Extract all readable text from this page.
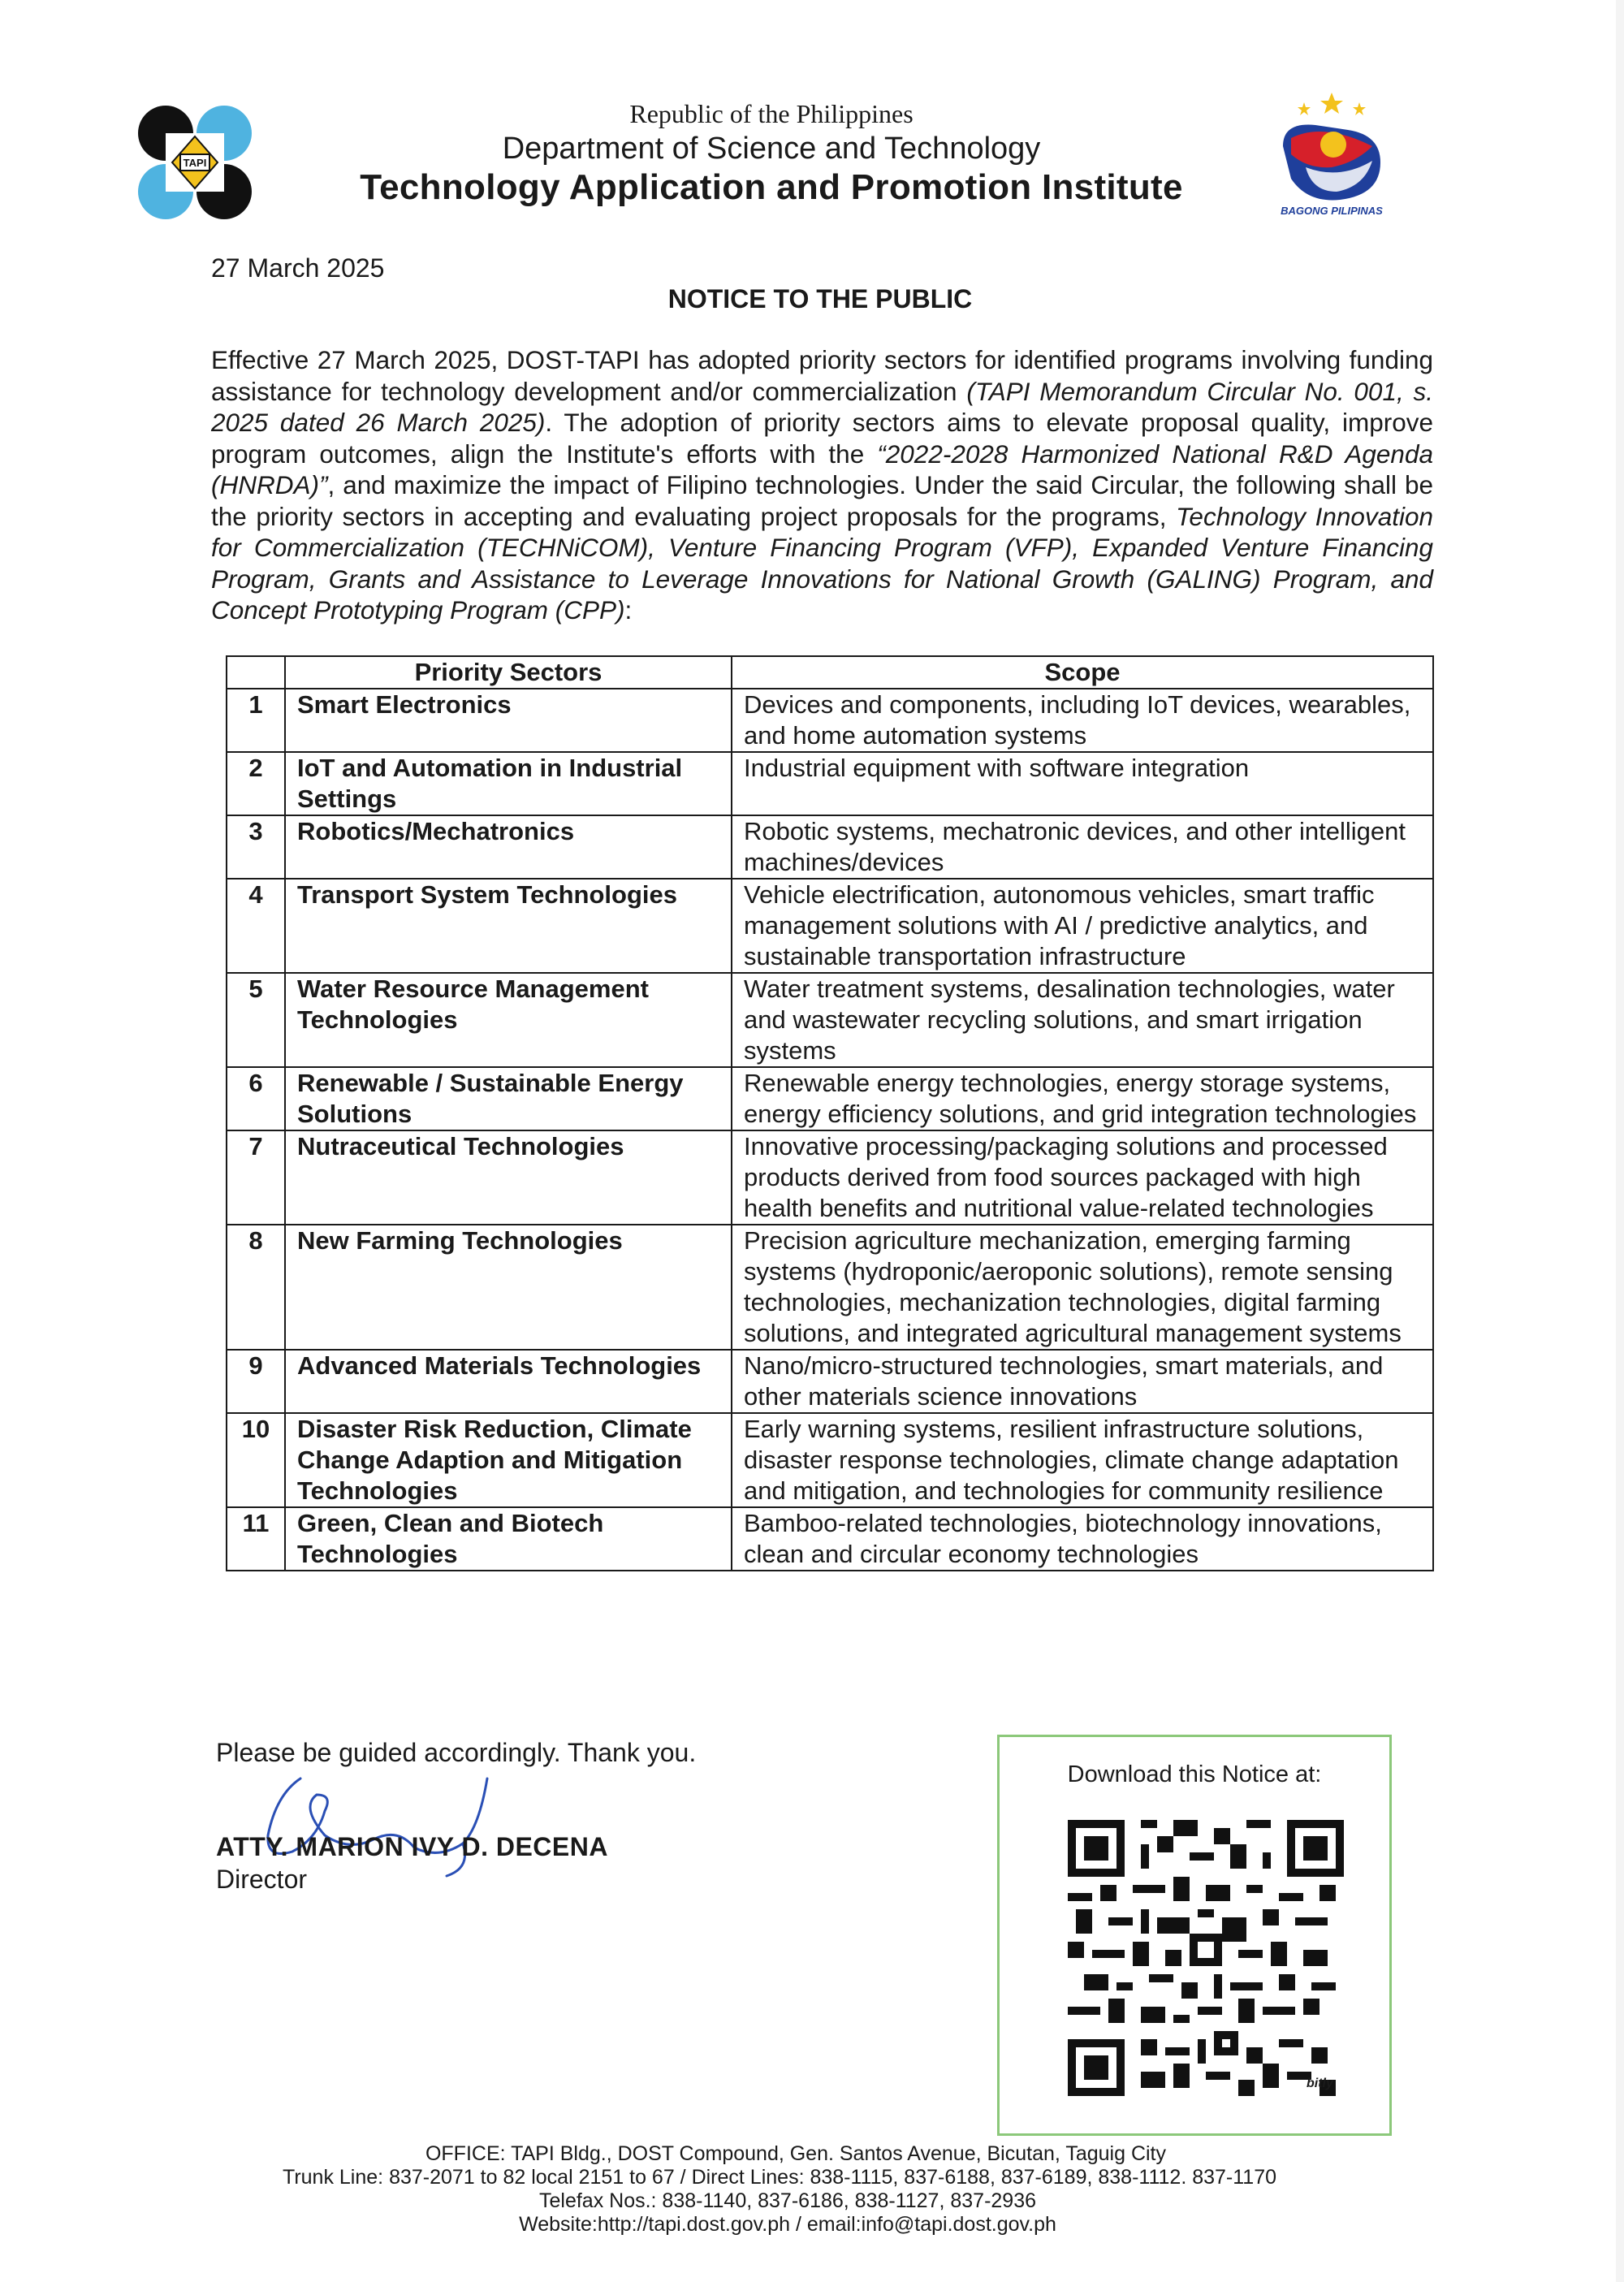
TAPI
Republic of the Philippines
Department of Science and Technology
Technology Application and Promotion Institute
BAGONG PILIPINAS
27 March 2025
NOTICE TO THE PUBLIC
Effective 27 March 2025, DOST-TAPI has adopted priority sectors for identified programs involving funding assistance for technology development and/or commercialization (TAPI Memorandum Circular No. 001, s. 2025 dated 26 March 2025). The adoption of priority sectors aims to elevate proposal quality, improve program outcomes, align the Institute's efforts with the “2022-2028 Harmonized National R&D Agenda (HNRDA)”, and maximize the impact of Filipino technologies. Under the said Circular, the following shall be the priority sectors in accepting and evaluating project proposals for the programs, Technology Innovation for Commercialization (TECHNiCOM), Venture Financing Program (VFP), Expanded Venture Financing Program, Grants and Assistance to Leverage Innovations for National Growth (GALING) Program, and Concept Prototyping Program (CPP):
	Priority Sectors	Scope
1	Smart Electronics	Devices and components, including IoT devices, wearables, and home automation systems
2	IoT and Automation in Industrial Settings	Industrial equipment with software integration
3	Robotics/Mechatronics	Robotic systems, mechatronic devices, and other intelligent machines/devices
4	Transport System Technologies	Vehicle electrification, autonomous vehicles, smart traffic management solutions with AI / predictive analytics, and sustainable transportation infrastructure
5	Water Resource Management Technologies	Water treatment systems, desalination technologies, water and wastewater recycling solutions, and smart irrigation systems
6	Renewable / Sustainable Energy Solutions	Renewable energy technologies, energy storage systems, energy efficiency solutions, and grid integration technologies
7	Nutraceutical Technologies	Innovative processing/packaging solutions and processed products derived from food sources packaged with high health benefits and nutritional value-related technologies
8	New Farming Technologies	Precision agriculture mechanization, emerging farming systems (hydroponic/aeroponic solutions), remote sensing technologies, mechanization technologies, digital farming solutions, and integrated agricultural management systems
9	Advanced Materials Technologies	Nano/micro-structured technologies, smart materials, and other materials science innovations
10	Disaster Risk Reduction, Climate Change Adaption and Mitigation Technologies	Early warning systems, resilient infrastructure solutions, disaster response technologies, climate change adaptation and mitigation, and technologies for community resilience
11	Green, Clean and Biotech Technologies	Bamboo-related technologies, biotechnology innovations, clean and circular economy technologies
Please be guided accordingly. Thank you.
ATTY. MARION IVY D. DECENA
Director
Download this Notice at:
bitly
OFFICE: TAPI Bldg., DOST Compound, Gen. Santos Avenue, Bicutan, Taguig City
Trunk Line: 837-2071 to 82 local 2151 to 67 / Direct Lines: 838-1115, 837-6188, 837-6189, 838-1112. 837-1170
Telefax Nos.: 838-1140, 837-6186, 838-1127, 837-2936
Website:http://tapi.dost.gov.ph / email:info@tapi.dost.gov.ph
